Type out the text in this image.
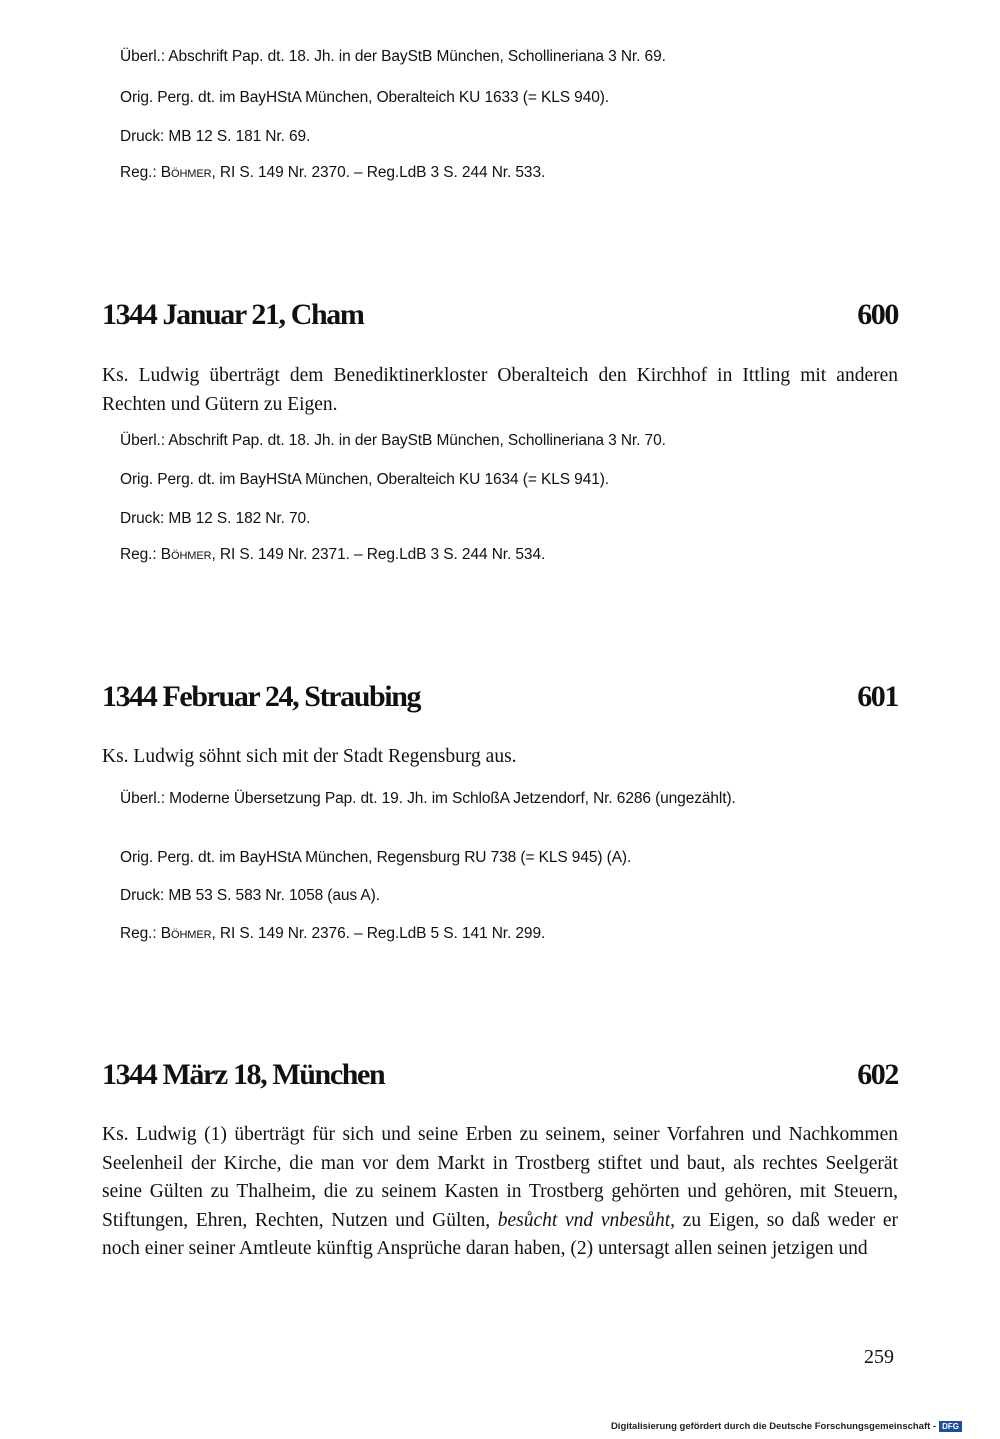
Überl.: Abschrift Pap. dt. 18. Jh. in der BayStB München, Schollineriana 3 Nr. 69.
Orig. Perg. dt. im BayHStA München, Oberalteich KU 1633 (= KLS 940).
Druck: MB 12 S. 181 Nr. 69.
Reg.: Böhmer, RI S. 149 Nr. 2370. – Reg.LdB 3 S. 244 Nr. 533.
1344 Januar 21, Cham	600
Ks. Ludwig überträgt dem Benediktinerkloster Oberalteich den Kirchhof in Ittling mit anderen Rechten und Gütern zu Eigen.
Überl.: Abschrift Pap. dt. 18. Jh. in der BayStB München, Schollineriana 3 Nr. 70.
Orig. Perg. dt. im BayHStA München, Oberalteich KU 1634 (= KLS 941).
Druck: MB 12 S. 182 Nr. 70.
Reg.: Böhmer, RI S. 149 Nr. 2371. – Reg.LdB 3 S. 244 Nr. 534.
1344 Februar 24, Straubing	601
Ks. Ludwig söhnt sich mit der Stadt Regensburg aus.
Überl.: Moderne Übersetzung Pap. dt. 19. Jh. im SchloßA Jetzendorf, Nr. 6286 (ungezählt).
Orig. Perg. dt. im BayHStA München, Regensburg RU 738 (= KLS 945) (A).
Druck: MB 53 S. 583 Nr. 1058 (aus A).
Reg.: Böhmer, RI S. 149 Nr. 2376. – Reg.LdB 5 S. 141 Nr. 299.
1344 März 18, München	602
Ks. Ludwig (1) überträgt für sich und seine Erben zu seinem, seiner Vorfahren und Nachkommen Seelenheil der Kirche, die man vor dem Markt in Trostberg stiftet und baut, als rechtes Seelgerät seine Gülten zu Thalheim, die zu seinem Kasten in Trostberg gehörten und gehören, mit Steuern, Stiftungen, Ehren, Rechten, Nutzen und Gülten, besůcht vnd vnbesůht, zu Eigen, so daß weder er noch einer seiner Amtleute künftig Ansprüche daran haben, (2) untersagt allen seinen jetzigen und
259
Digitalisierung gefördert durch die Deutsche Forschungsgemeinschaft - DFG
